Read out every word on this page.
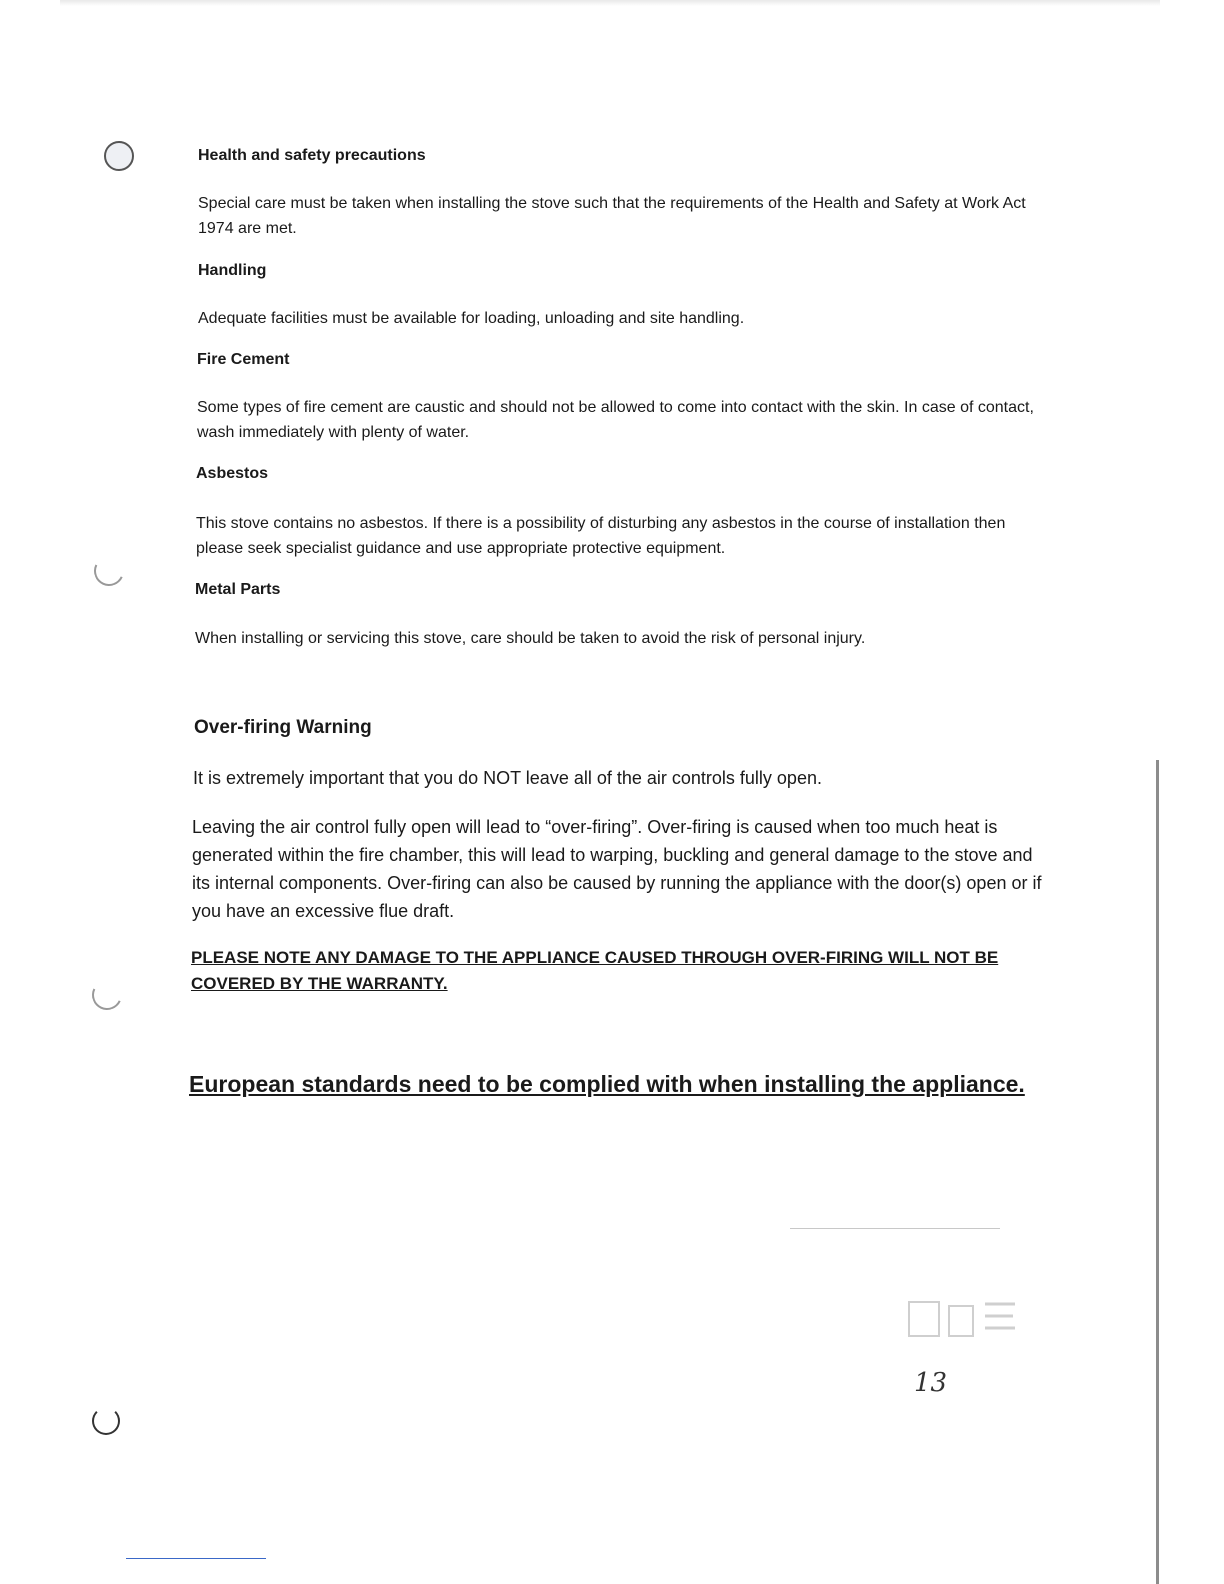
Health and safety precautions
Special care must be taken when installing the stove such that the requirements of the Health and Safety at Work Act 1974 are met.
Handling
Adequate facilities must be available for loading, unloading and site handling.
Fire Cement
Some types of fire cement are caustic and should not be allowed to come into contact with the skin. In case of contact, wash immediately with plenty of water.
Asbestos
This stove contains no asbestos. If there is a possibility of disturbing any asbestos in the course of installation then please seek specialist guidance and use appropriate protective equipment.
Metal Parts
When installing or servicing this stove, care should be taken to avoid the risk of personal injury.
Over-firing Warning
It is extremely important that you do NOT leave all of the air controls fully open.
Leaving the air control fully open will lead to “over-firing”. Over-firing is caused when too much heat is generated within the fire chamber, this will lead to warping, buckling and general damage to the stove and its internal components. Over-firing can also be caused by running the appliance with the door(s) open or if you have an excessive flue draft.
PLEASE NOTE ANY DAMAGE TO THE APPLIANCE CAUSED THROUGH OVER-FIRING WILL NOT BE COVERED BY THE WARRANTY.
European standards need to be complied with when installing the appliance.
13
